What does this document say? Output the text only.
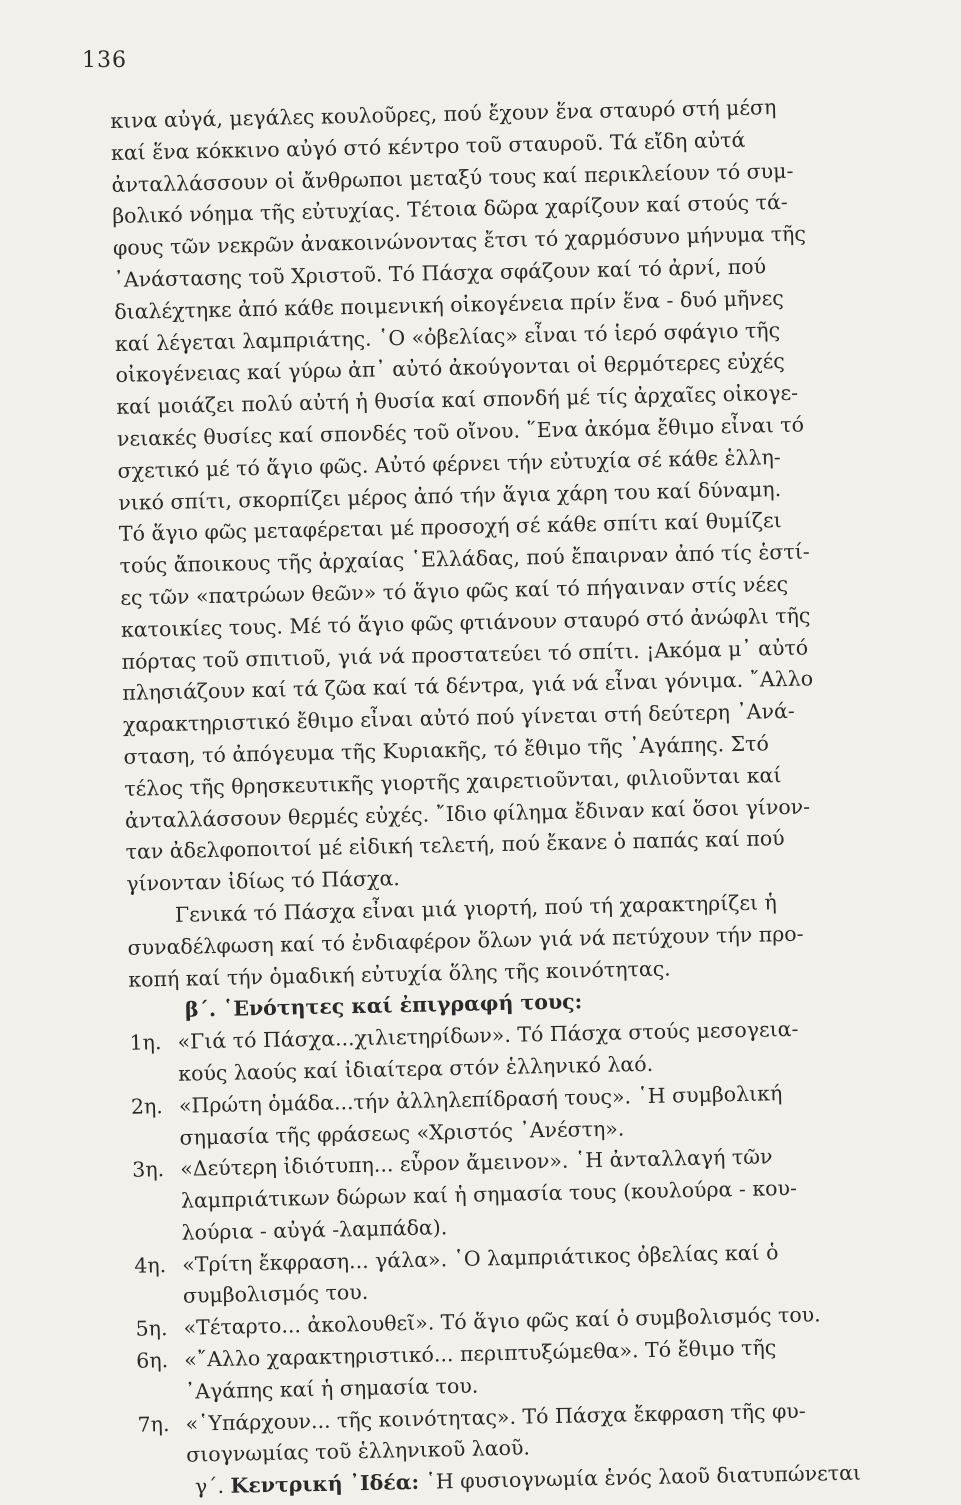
136
κινα αὐγά, μεγάλες κουλοῦρες, πού ἔχουν ἕνα σταυρό στή μέση
καί ἕνα κόκκινο αὐγό στό κέντρο τοῦ σταυροῦ. Τά εἴδη αὐτά
ἀνταλλάσσουν οἱ ἄνθρωποι μεταξύ τους καί περικλείουν τό συμ-
βολικό νόημα τῆς εὐτυχίας. Τέτοια δῶρα χαρίζουν καί στούς τά-
φους τῶν νεκρῶν ἀνακοινώνοντας ἔτσι τό χαρμόσυνο μήνυμα τῆς
᾽Ανάστασης τοῦ Χριστοῦ. Τό Πάσχα σφάζουν καί τό ἀρνί, πού
διαλέχτηκε ἀπό κάθε ποιμενική οἰκογένεια πρίν ἕνα - δυό μῆνες
καί λέγεται λαμπριάτης. ῾Ο «ὀβελίας» εἶναι τό ἱερό σφάγιο τῆς
οἰκογένειας καί γύρω ἀπ᾽ αὐτό ἀκούγονται οἱ θερμότερες εὐχές
καί μοιάζει πολύ αὐτή ἡ θυσία καί σπονδή μέ τίς ἀρχαῖες οἰκογε-
νειακές θυσίες καί σπονδές τοῦ οἴνου. ῞Ενα ἀκόμα ἔθιμο εἶναι τό
σχετικό μέ τό ἅγιο φῶς. Αὐτό φέρνει τήν εὐτυχία σέ κάθε ἑλλη-
νικό σπίτι, σκορπίζει μέρος ἀπό τήν ἅγια χάρη του καί δύναμη.
Τό ἅγιο φῶς μεταφέρεται μέ προσοχή σέ κάθε σπίτι καί θυμίζει
τούς ἄποικους τῆς ἀρχαίας ῾Ελλάδας, πού ἔπαιρναν ἀπό τίς ἑστί-
ες τῶν «πατρώων θεῶν» τό ἅγιο φῶς καί τό πήγαιναν στίς νέες
κατοικίες τους. Μέ τό ἅγιο φῶς φτιάνουν σταυρό στό ἀνώφλι τῆς
πόρτας τοῦ σπιτιοῦ, γιά νά προστατεύει τό σπίτι. ¡Ακόμα μ᾽ αὐτό
πλησιάζουν καί τά ζῶα καί τά δέντρα, γιά νά εἶναι γόνιμα. ῎Αλλο
χαρακτηριστικό ἔθιμο εἶναι αὐτό πού γίνεται στή δεύτερη ᾽Ανά-
σταση, τό ἀπόγευμα τῆς Κυριακῆς, τό ἔθιμο τῆς ᾽Αγάπης. Στό
τέλος τῆς θρησκευτικῆς γιορτῆς χαιρετιοῦνται, φιλιοῦνται καί
ἀνταλλάσσουν θερμές εὐχές. ῎Ιδιο φίλημα ἔδιναν καί ὅσοι γίνον-
ταν ἀδελφοποιτοί μέ εἰδική τελετή, πού ἔκανε ὁ παπάς καί πού
γίνονταν ἰδίως τό Πάσχα.
Γενικά τό Πάσχα εἶναι μιά γιορτή, πού τή χαρακτηρίζει ἡ
συναδέλφωση καί τό ἐνδιαφέρον ὅλων γιά νά πετύχουν τήν προ-
κοπή καί τήν ὁμαδική εὐτυχία ὅλης τῆς κοινότητας.
β΄. ῾Ενότητες καί ἐπιγραφή τους:
1η. «Γιά τό Πάσχα...χιλιετηρίδων». Τό Πάσχα στούς μεσογεια-
κούς λαούς καί ἰδιαίτερα στόν ἑλληνικό λαό.
2η. «Πρώτη ὁμάδα...τήν ἀλληλεπίδρασή τους». ῾Η συμβολική
σημασία τῆς φράσεως «Χριστός ᾽Ανέστη».
3η. «Δεύτερη ἰδιότυπη... εὗρον ἄμεινον». ῾Η ἀνταλλαγή τῶν
λαμπριάτικων δώρων καί ἡ σημασία τους (κουλούρα - κου-
λούρια - αὐγά -λαμπάδα).
4η. «Τρίτη ἔκφραση... γάλα». ῾Ο λαμπριάτικος ὀβελίας καί ὁ
συμβολισμός του.
5η. «Τέταρτο... ἀκολουθεῖ». Τό ἅγιο φῶς καί ὁ συμβολισμός του.
6η. «῎Αλλο χαρακτηριστικό... περιπτυξώμεθα». Τό ἔθιμο τῆς
᾽Αγάπης καί ἡ σημασία του.
7η. «῾Υπάρχουν... τῆς κοινότητας». Τό Πάσχα ἔκφραση τῆς φυ-
σιογνωμίας τοῦ ἑλληνικοῦ λαοῦ.
γ΄. Κεντρική ᾽Ιδέα: ῾Η φυσιογνωμία ἑνός λαοῦ διατυπώνεται
